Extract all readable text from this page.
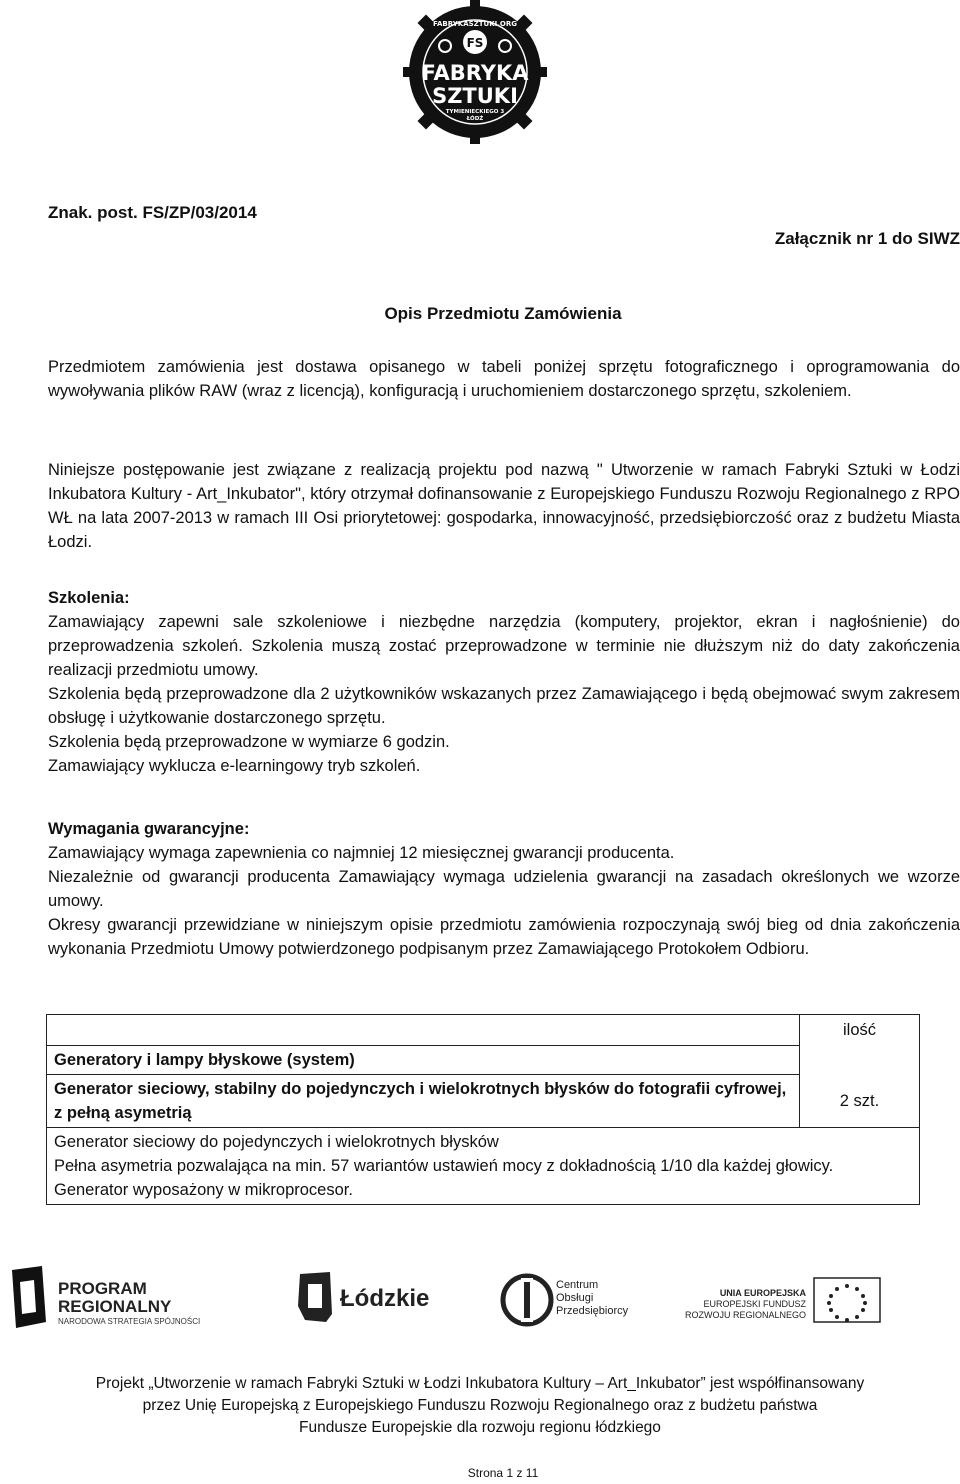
FABRYKASZTUKI.ORG
FS
FABRYKA
SZTUKI
TYMIENIECKIEGO 3
ŁÓDŹ
Znak. post. FS/ZP/03/2014
Załącznik nr 1 do SIWZ
Opis Przedmiotu Zamówienia

Przedmiotem zamówienia jest dostawa opisanego w tabeli poniżej sprzętu fotograficznego i oprogramowania do wywoływania plików RAW (wraz z licencją), konfiguracją i uruchomieniem dostarczonego sprzętu, szkoleniem.

Niniejsze postępowanie jest związane z realizacją projektu pod nazwą " Utworzenie w ramach Fabryki Sztuki w Łodzi Inkubatora Kultury - Art_Inkubator", który otrzymał dofinansowanie z Europejskiego Funduszu Rozwoju Regionalnego z RPO WŁ na lata 2007-2013 w ramach III Osi priorytetowej: gospodarka, innowacyjność, przedsiębiorczość oraz z budżetu Miasta Łodzi.

Szkolenia:

Zamawiający zapewni sale szkoleniowe i niezbędne narzędzia (komputery, projektor, ekran i nagłośnienie) do przeprowadzenia szkoleń. Szkolenia muszą zostać przeprowadzone w terminie nie dłuższym niż do daty zakończenia realizacji przedmiotu umowy.

Szkolenia będą przeprowadzone dla 2 użytkowników wskazanych przez Zamawiającego i będą obejmować swym zakresem obsługę i użytkowanie dostarczonego sprzętu.

Szkolenia będą przeprowadzone w wymiarze 6 godzin.

Zamawiający wyklucza e-learningowy tryb szkoleń.

Wymagania gwarancyjne:

Zamawiający wymaga zapewnienia co najmniej 12 miesięcznej gwarancji producenta.

Niezależnie od gwarancji producenta Zamawiający wymaga udzielenia gwarancji na zasadach określonych we wzorze umowy.

Okresy gwarancji przewidziane w niniejszym opisie przedmiotu zamówienia rozpoczynają swój bieg od dnia zakończenia wykonania Przedmiotu Umowy potwierdzonego podpisanym przez Zamawiającego Protokołem Odbioru.

	ilość
Generatory i lampy błyskowe (system)	
Generator sieciowy, stabilny do pojedynczych i wielokrotnych błysków do fotografii cyfrowej, z pełną asymetrią	2 szt.

Generator sieciowy do pojedynczych i wielokrotnych błysków
Pełna asymetria pozwalająca na min. 57 wariantów ustawień mocy z dokładnością 1/10 dla każdej głowicy.
Generator wyposażony w mikroprocesor.	
PROGRAM
REGIONALNY
NARODOWA STRATEGIA SPÓJNOŚCI
Łódzkie	Centrum
Obsługi
Przedsiębiorcy
UNIA EUROPEJSKA
EUROPEJSKI FUNDUSZ
ROZWOJU REGIONALNEGO
Projekt „Utworzenie w ramach Fabryki Sztuki w Łodzi Inkubatora Kultury – Art_Inkubator” jest współfinansowany
przez Unię Europejską z Europejskiego Funduszu Rozwoju Regionalnego oraz z budżetu państwa
Fundusze Europejskie dla rozwoju regionu łódzkiego
Strona 1 z 11
